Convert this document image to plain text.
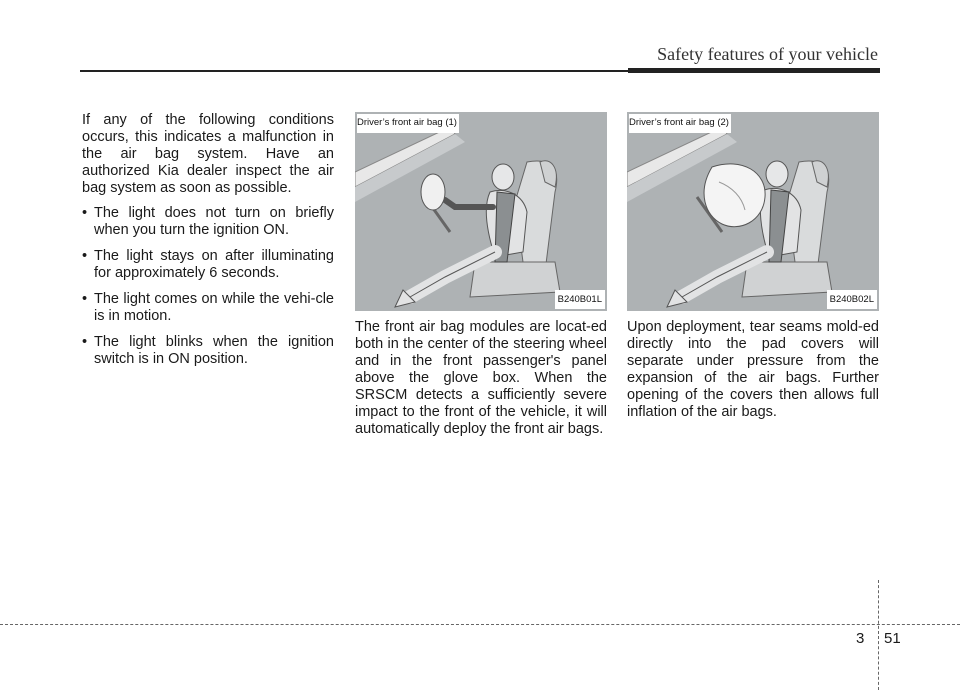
Safety features of your vehicle

If any of the following conditions occurs, this indicates a malfunction in the air bag system. Have an authorized Kia dealer inspect the air bag system as soon as possible.

• The light does not turn on briefly when you turn the ignition ON.
• The light stays on after illuminating for approximately 6 seconds.
• The light comes on while the vehi-cle is in motion.
• The light blinks when the ignition switch is in ON position.
Driver’s front air bag (1)
B240B01L

The front air bag modules are locat-ed both in the center of the steering wheel and in the front passenger's panel above the glove box. When the SRSCM detects a sufficiently severe impact to the front of the vehicle, it will automatically deploy the front air bags.

Driver’s front air bag (2)
B240B02L

Upon deployment, tear seams mold-ed directly into the pad covers will separate under pressure from the expansion of the air bags. Further opening of the covers then allows full inflation of the air bags.

3 51
